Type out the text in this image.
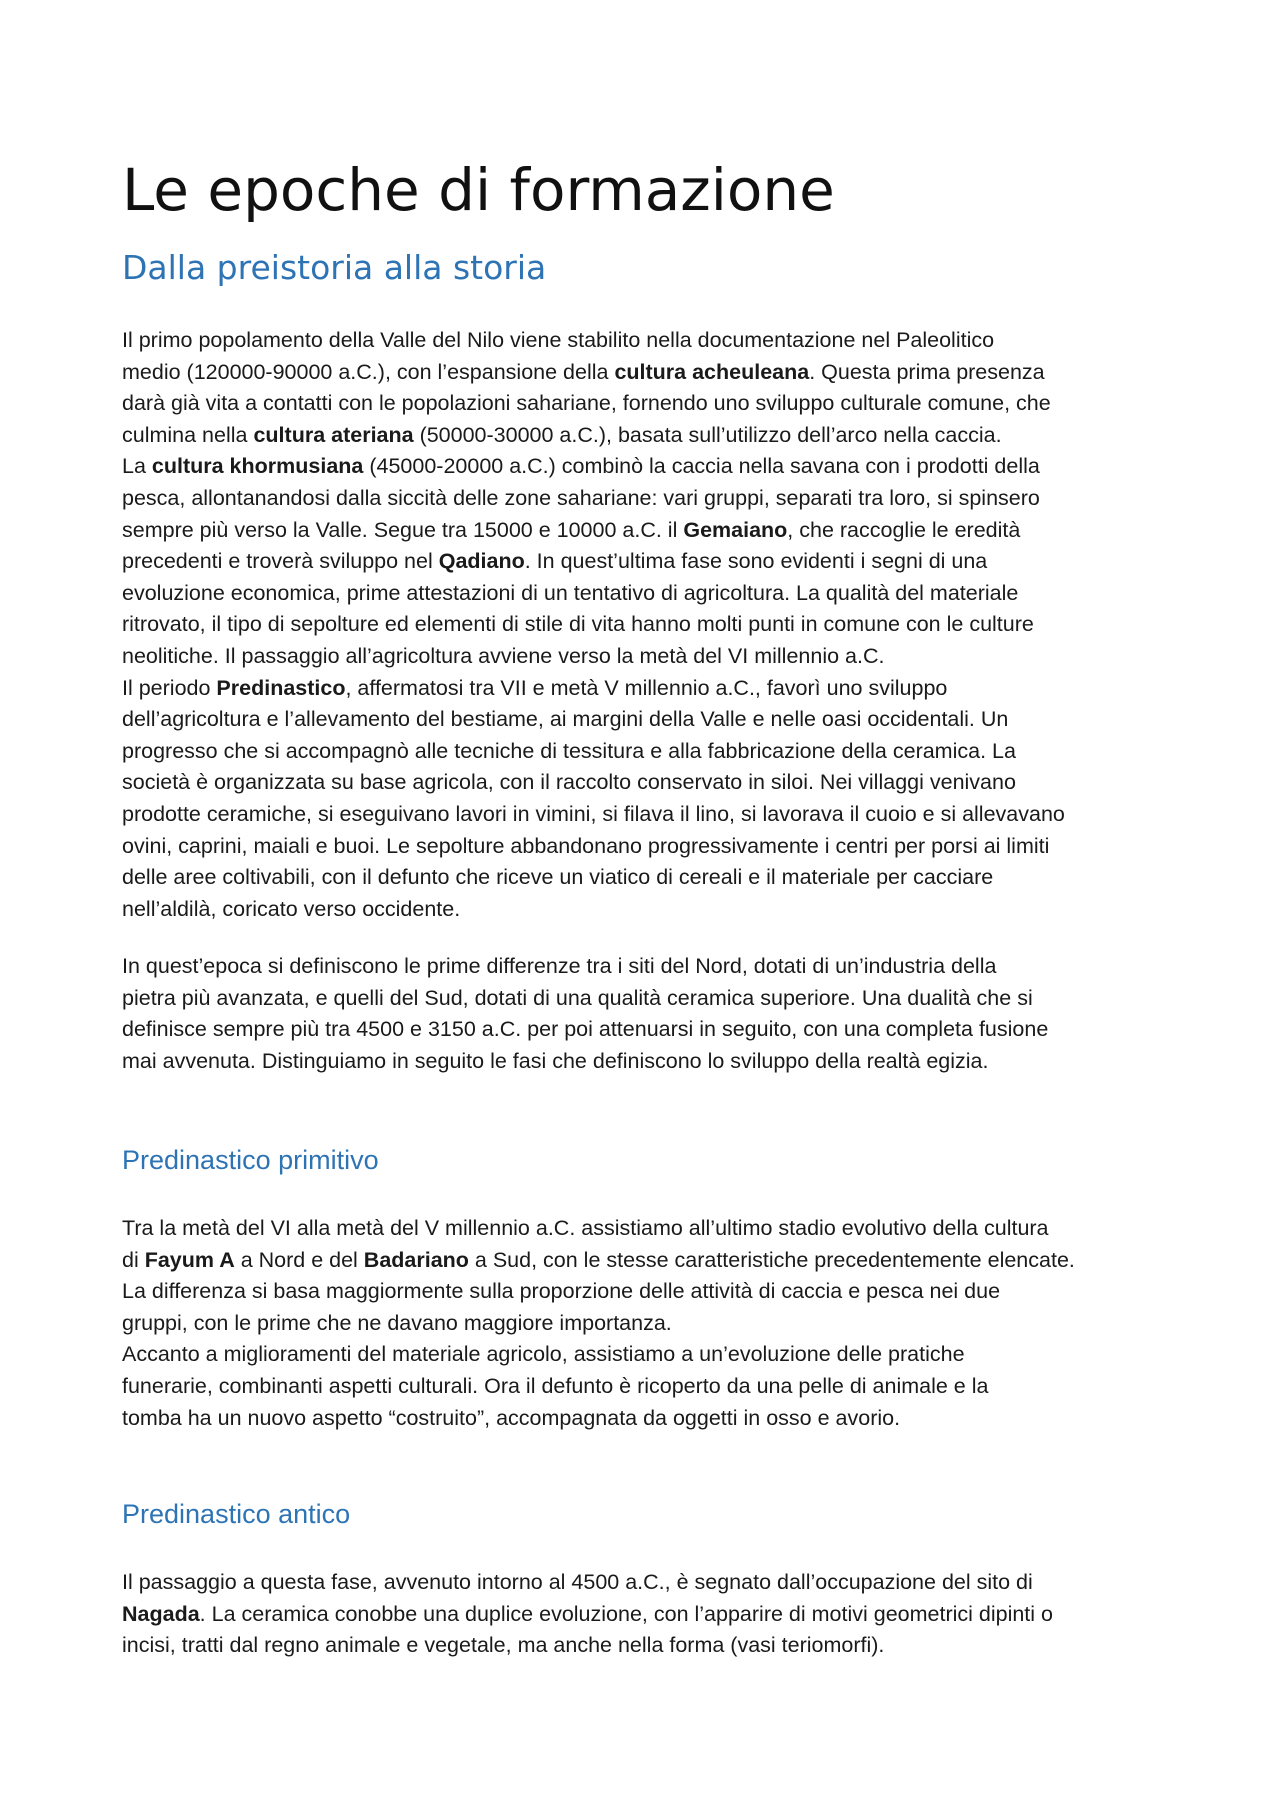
Le epoche di formazione
Dalla preistoria alla storia
Il primo popolamento della Valle del Nilo viene stabilito nella documentazione nel Paleolitico
medio (120000-90000 a.C.), con l’espansione della cultura acheuleana. Questa prima presenza
darà già vita a contatti con le popolazioni sahariane, fornendo uno sviluppo culturale comune, che
culmina nella cultura ateriana (50000-30000 a.C.), basata sull’utilizzo dell’arco nella caccia.
La cultura khormusiana (45000-20000 a.C.) combinò la caccia nella savana con i prodotti della
pesca, allontanandosi dalla siccità delle zone sahariane: vari gruppi, separati tra loro, si spinsero
sempre più verso la Valle. Segue tra 15000 e 10000 a.C. il Gemaiano, che raccoglie le eredità
precedenti e troverà sviluppo nel Qadiano. In quest’ultima fase sono evidenti i segni di una
evoluzione economica, prime attestazioni di un tentativo di agricoltura. La qualità del materiale
ritrovato, il tipo di sepolture ed elementi di stile di vita hanno molti punti in comune con le culture
neolitiche. Il passaggio all’agricoltura avviene verso la metà del VI millennio a.C.
Il periodo Predinastico, affermatosi tra VII e metà V millennio a.C., favorì uno sviluppo
dell’agricoltura e l’allevamento del bestiame, ai margini della Valle e nelle oasi occidentali. Un
progresso che si accompagnò alle tecniche di tessitura e alla fabbricazione della ceramica. La
società è organizzata su base agricola, con il raccolto conservato in siloi. Nei villaggi venivano
prodotte ceramiche, si eseguivano lavori in vimini, si filava il lino, si lavorava il cuoio e si allevavano
ovini, caprini, maiali e buoi. Le sepolture abbandonano progressivamente i centri per porsi ai limiti
delle aree coltivabili, con il defunto che riceve un viatico di cereali e il materiale per cacciare
nell’aldilà, coricato verso occidente.
In quest’epoca si definiscono le prime differenze tra i siti del Nord, dotati di un’industria della
pietra più avanzata, e quelli del Sud, dotati di una qualità ceramica superiore. Una dualità che si
definisce sempre più tra 4500 e 3150 a.C. per poi attenuarsi in seguito, con una completa fusione
mai avvenuta. Distinguiamo in seguito le fasi che definiscono lo sviluppo della realtà egizia.
Predinastico primitivo
Tra la metà del VI alla metà del V millennio a.C. assistiamo all’ultimo stadio evolutivo della cultura
di Fayum A a Nord e del Badariano a Sud, con le stesse caratteristiche precedentemente elencate.
La differenza si basa maggiormente sulla proporzione delle attività di caccia e pesca nei due
gruppi, con le prime che ne davano maggiore importanza.
Accanto a miglioramenti del materiale agricolo, assistiamo a un’evoluzione delle pratiche
funerarie, combinanti aspetti culturali. Ora il defunto è ricoperto da una pelle di animale e la
tomba ha un nuovo aspetto “costruito”, accompagnata da oggetti in osso e avorio.
Predinastico antico
Il passaggio a questa fase, avvenuto intorno al 4500 a.C., è segnato dall’occupazione del sito di
Nagada. La ceramica conobbe una duplice evoluzione, con l’apparire di motivi geometrici dipinti o
incisi, tratti dal regno animale e vegetale, ma anche nella forma (vasi teriomorfi).
